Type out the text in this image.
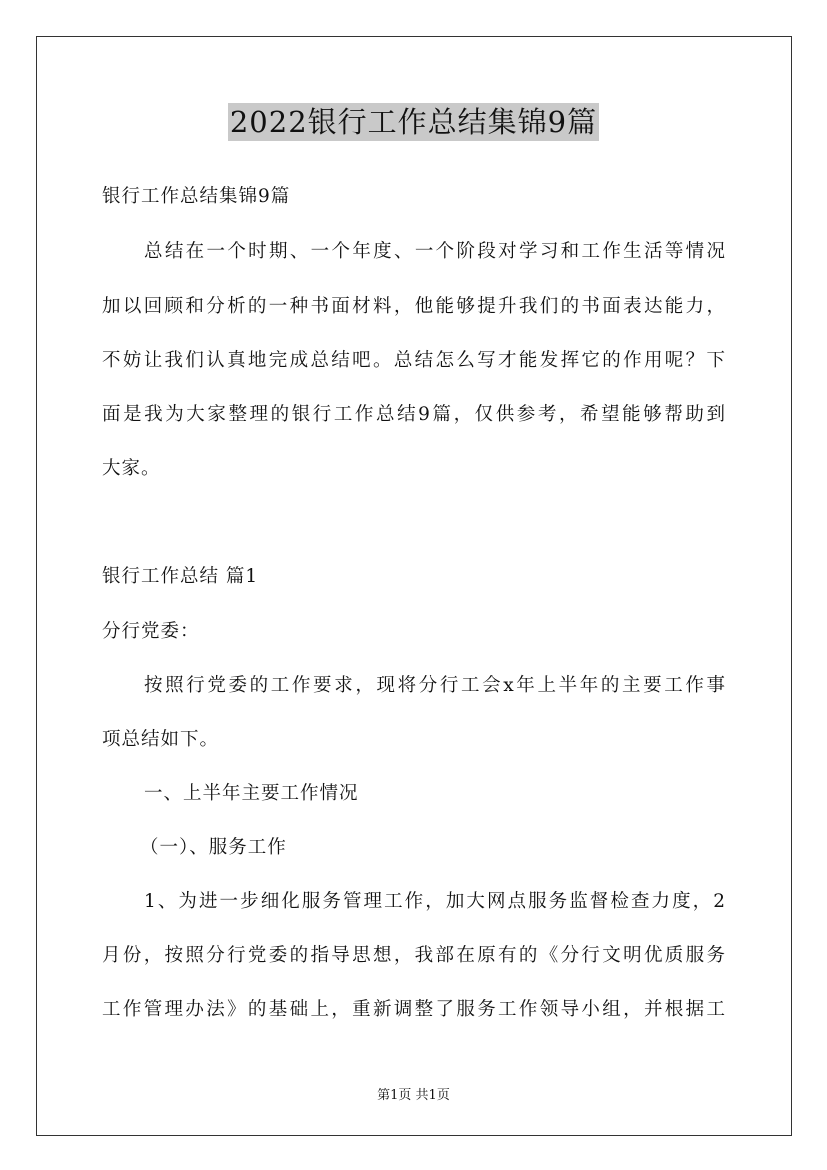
2022银行工作总结集锦9篇
银行工作总结集锦9篇
总结在一个时期、一个年度、一个阶段对学习和工作生活等情况
加以回顾和分析的一种书面材料，他能够提升我们的书面表达能力，
不妨让我们认真地完成总结吧。总结怎么写才能发挥它的作用呢？下
面是我为大家整理的银行工作总结9篇，仅供参考，希望能够帮助到
大家。
银行工作总结 篇1
分行党委：
按照行党委的工作要求，现将分行工会x年上半年的主要工作事
项总结如下。
一、上半年主要工作情况
（一）、服务工作
1、为进一步细化服务管理工作，加大网点服务监督检查力度，2
月份，按照分行党委的指导思想，我部在原有的《分行文明优质服务
工作管理办法》的基础上，重新调整了服务工作领导小组，并根据工
第1页 共1页
